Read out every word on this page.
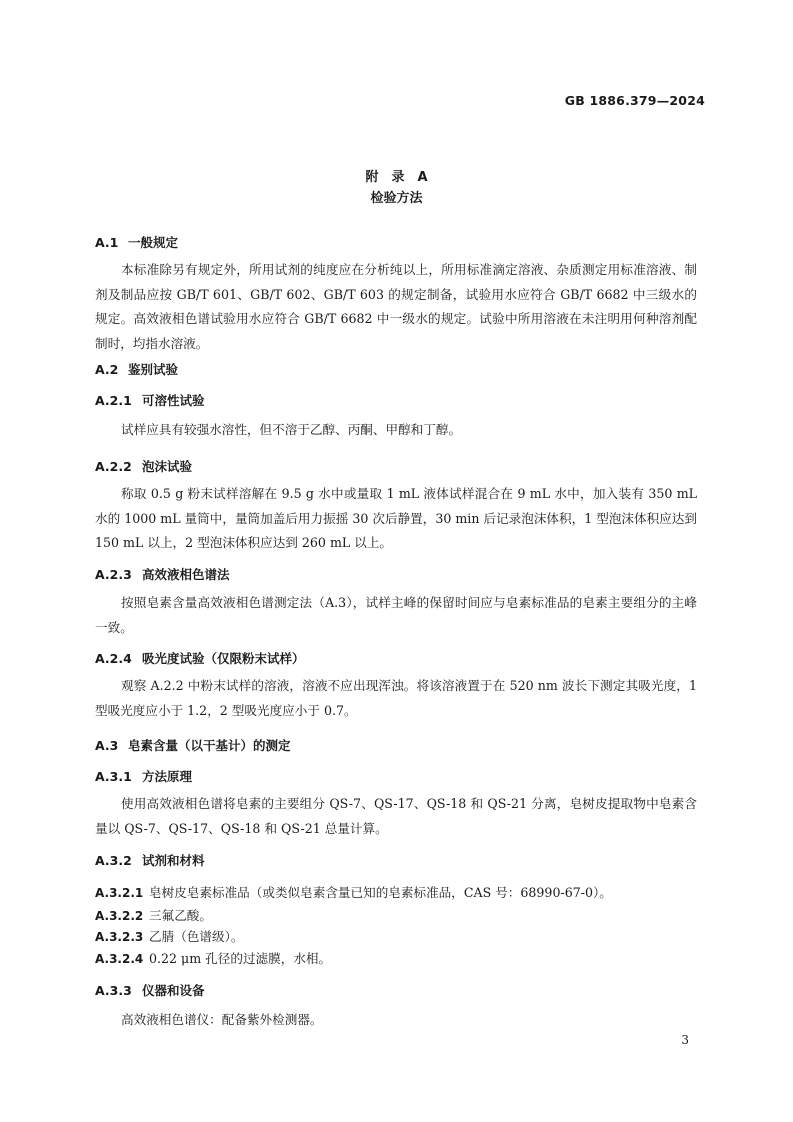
GB 1886.379—2024
附　录　A
检验方法
A.1 一般规定
本标准除另有规定外，所用试剂的纯度应在分析纯以上，所用标准滴定溶液、杂质测定用标准溶液、制剂及制品应按 GB/T 601、GB/T 602、GB/T 603 的规定制备，试验用水应符合 GB/T 6682 中三级水的规定。高效液相色谱试验用水应符合 GB/T 6682 中一级水的规定。试验中所用溶液在未注明用何种溶剂配制时，均指水溶液。
A.2 鉴别试验
A.2.1 可溶性试验
试样应具有较强水溶性，但不溶于乙醇、丙酮、甲醇和丁醇。
A.2.2 泡沫试验
称取 0.5 g 粉末试样溶解在 9.5 g 水中或量取 1 mL 液体试样混合在 9 mL 水中，加入装有 350 mL 水的 1000 mL 量筒中，量筒加盖后用力振摇 30 次后静置，30 min 后记录泡沫体积，1 型泡沫体积应达到 150 mL 以上，2 型泡沫体积应达到 260 mL 以上。
A.2.3 高效液相色谱法
按照皂素含量高效液相色谱测定法（A.3），试样主峰的保留时间应与皂素标准品的皂素主要组分的主峰一致。
A.2.4 吸光度试验（仅限粉末试样）
观察 A.2.2 中粉末试样的溶液，溶液不应出现浑浊。将该溶液置于在 520 nm 波长下测定其吸光度，1 型吸光度应小于 1.2，2 型吸光度应小于 0.7。
A.3 皂素含量（以干基计）的测定
A.3.1 方法原理
使用高效液相色谱将皂素的主要组分 QS-7、QS-17、QS-18 和 QS-21 分离，皂树皮提取物中皂素含量以 QS-7、QS-17、QS-18 和 QS-21 总量计算。
A.3.2 试剂和材料
A.3.2.1 皂树皮皂素标准品（或类似皂素含量已知的皂素标准品，CAS 号：68990-67-0）。
A.3.2.2 三氟乙酸。
A.3.2.3 乙腈（色谱级）。
A.3.2.4 0.22 μm 孔径的过滤膜，水相。
A.3.3 仪器和设备
高效液相色谱仪：配备紫外检测器。
3
